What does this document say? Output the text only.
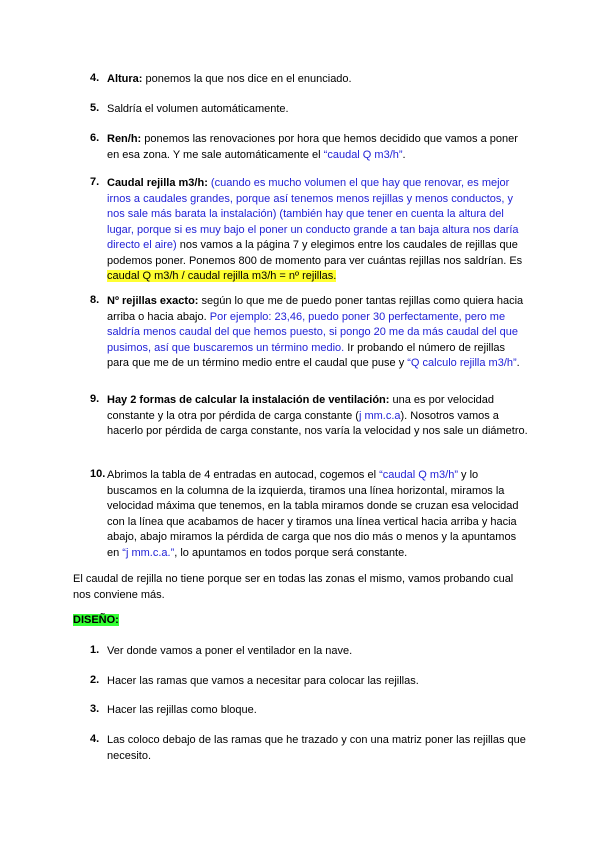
4. Altura: ponemos la que nos dice en el enunciado.
5. Saldría el volumen automáticamente.
6. Ren/h: ponemos las renovaciones por hora que hemos decidido que vamos a poner en esa zona. Y me sale automáticamente el “caudal Q m3/h”.
7. Caudal rejilla m3/h: (cuando es mucho volumen el que hay que renovar, es mejor irnos a caudales grandes, porque así tenemos menos rejillas y menos conductos, y nos sale más barata la instalación) (también hay que tener en cuenta la altura del lugar, porque si es muy bajo el poner un conducto grande a tan baja altura nos daría directo el aire) nos vamos a la página 7 y elegimos entre los caudales de rejillas que podemos poner. Ponemos 800 de momento para ver cuántas rejillas nos saldrían. Es caudal Q m3/h / caudal rejilla m3/h = nº rejillas.
8. Nº rejillas exacto: según lo que me de puedo poner tantas rejillas como quiera hacia arriba o hacia abajo. Por ejemplo: 23,46, puedo poner 30 perfectamente, pero me saldría menos caudal del que hemos puesto, si pongo 20 me da más caudal del que pusimos, así que buscaremos un término medio. Ir probando el número de rejillas para que me de un término medio entre el caudal que puse y “Q calculo rejilla m3/h”.
9. Hay 2 formas de calcular la instalación de ventilación: una es por velocidad constante y la otra por pérdida de carga constante (j mm.c.a). Nosotros vamos a hacerlo por pérdida de carga constante, nos varía la velocidad y nos sale un diámetro.
10. Abrimos la tabla de 4 entradas en autocad, cogemos el “caudal Q m3/h” y lo buscamos en la columna de la izquierda, tiramos una línea horizontal, miramos la velocidad máxima que tenemos, en la tabla miramos donde se cruzan esa velocidad con la línea que acabamos de hacer y tiramos una línea vertical hacia arriba y hacia abajo, abajo miramos la pérdida de carga que nos dio más o menos y la apuntamos en “j mm.c.a.”, lo apuntamos en todos porque será constante.
El caudal de rejilla no tiene porque ser en todas las zonas el mismo, vamos probando cual nos conviene más.
DISEÑO:
1. Ver donde vamos a poner el ventilador en la nave.
2. Hacer las ramas que vamos a necesitar para colocar las rejillas.
3. Hacer las rejillas como bloque.
4. Las coloco debajo de las ramas que he trazado y con una matriz poner las rejillas que necesito.
